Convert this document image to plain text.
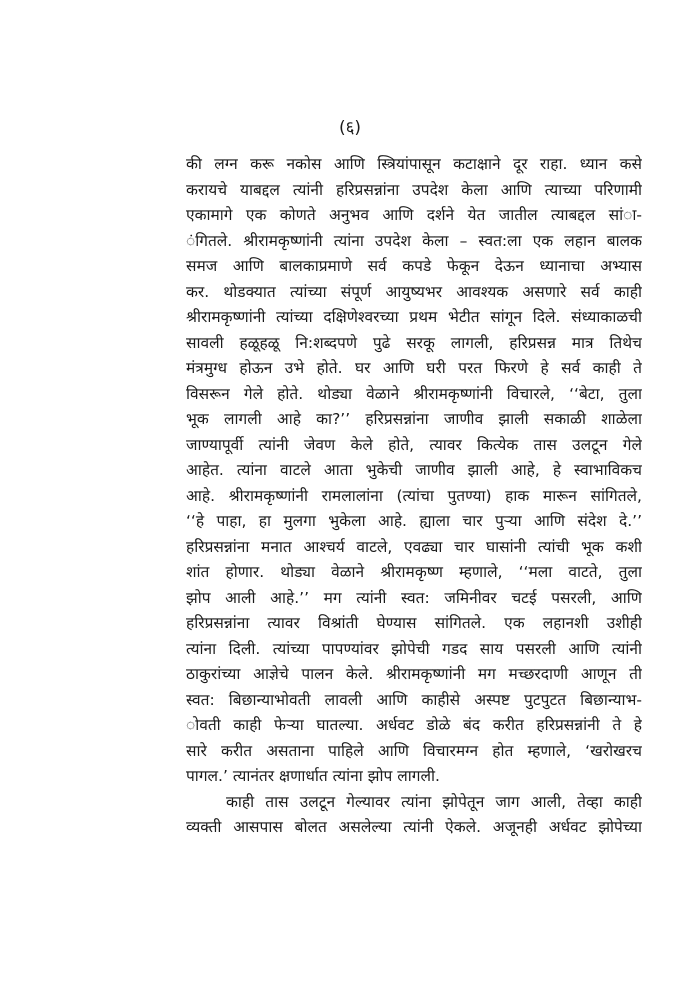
(६)
की लग्न करू नकोस आणि स्त्रियांपासून कटाक्षाने दूर राहा. ध्यान कसे
करायचे याबद्दल त्यांनी हरिप्रसन्नांना उपदेश केला आणि त्याच्या परिणामी
एकामागे एक कोणते अनुभव आणि दर्शने येत जातील त्याबद्दल सांा-
ंगितले. श्रीरामकृष्णांनी त्यांना उपदेश केला – स्वत:ला एक लहान बालक
समज आणि बालकाप्रमाणे सर्व कपडे फेकून देऊन ध्यानाचा अभ्यास
कर. थोडक्यात त्यांच्या संपूर्ण आयुष्यभर आवश्यक असणारे सर्व काही
श्रीरामकृष्णांनी त्यांच्या दक्षिणेश्वरच्या प्रथम भेटीत सांगून दिले. संध्याकाळची
सावली हळूहळू नि:शब्दपणे पुढे सरकू लागली, हरिप्रसन्न मात्र तिथेच
मंत्रमुग्ध होऊन उभे होते. घर आणि घरी परत फिरणे हे सर्व काही ते
विसरून गेले होते. थोड्या वेळाने श्रीरामकृष्णांनी विचारले, ‘‘बेटा, तुला
भूक लागली आहे का?’’ हरिप्रसन्नांना जाणीव झाली सकाळी शाळेला
जाण्यापूर्वी त्यांनी जेवण केले होते, त्यावर कित्येक तास उलटून गेले
आहेत. त्यांना वाटले आता भुकेची जाणीव झाली आहे, हे स्वाभाविकच
आहे. श्रीरामकृष्णांनी रामलालांना (त्यांचा पुतण्या) हाक मारून सांगितले,
‘‘हे पाहा, हा मुलगा भुकेला आहे. ह्याला चार पुऱ्या आणि संदेश दे.’’
हरिप्रसन्नांना मनात आश्चर्य वाटले, एवढ्या चार घासांनी त्यांची भूक कशी
शांत होणार. थोड्या वेळाने श्रीरामकृष्ण म्हणाले, ‘‘मला वाटते, तुला
झोप आली आहे.’’ मग त्यांनी स्वत: जमिनीवर चटई पसरली, आणि
हरिप्रसन्नांना त्यावर विश्रांती घेण्यास सांगितले. एक लहानशी उशीही
त्यांना दिली. त्यांच्या पापण्यांवर झोपेची गडद साय पसरली आणि त्यांनी
ठाकुरांच्या आज्ञेचे पालन केले. श्रीरामकृष्णांनी मग मच्छरदाणी आणून ती
स्वत: बिछान्याभोवती लावली आणि काहीसे अस्पष्ट पुटपुटत बिछान्याभ-
ोवती काही फेऱ्या घातल्या. अर्धवट डोळे बंद करीत हरिप्रसन्नांनी ते हे
सारे करीत असताना पाहिले आणि विचारमग्न होत म्हणाले, ‘खरोखरच
पागल.’ त्यानंतर क्षणार्धात त्यांना झोप लागली.
काही तास उलटून गेल्यावर त्यांना झोपेतून जाग आली, तेव्हा काही
व्यक्ती आसपास बोलत असलेल्या त्यांनी ऐकले. अजूनही अर्धवट झोपेच्या
